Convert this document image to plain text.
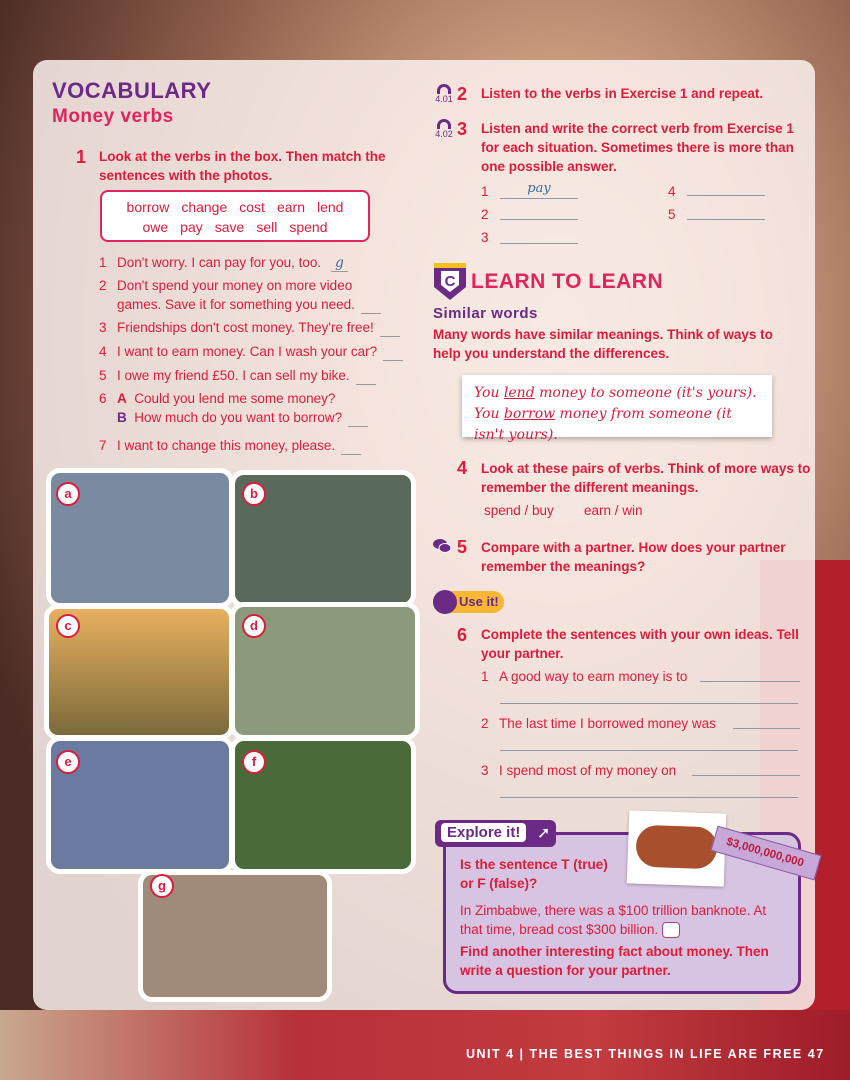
VOCABULARY
Money verbs
1 Look at the verbs in the box. Then match the sentences with the photos.
borrow change cost earn lend
owe pay save sell spend
1 Don't worry. I can pay for you, too. g
2 Don't spend your money on more video
games. Save it for something you need.
3 Friendships don't cost money. They're free!
4 I want to earn money. Can I wash your car?
5 I owe my friend £50. I can sell my bike.
6 A Could you lend me some money?
B How much do you want to borrow?
7 I want to change this money, please.
a	b
c	d
e	f
g
4.01 2 Listen to the verbs in Exercise 1 and repeat.
4.02 3 Listen and write the correct verb from Exercise 1 for each situation. Sometimes there is more than one possible answer.
1	pay
2
3
4
5
C LEARN TO LEARN
Similar words
Many words have similar meanings. Think of ways to help you understand the differences.
You lend money to someone (it's yours).
You borrow money from someone (it isn't yours).
4 Look at these pairs of verbs. Think of more ways to remember the different meanings.
spend / buy earn / win
5 Compare with a partner. How does your partner remember the meanings?
Use it!
6 Complete the sentences with your own ideas. Tell your partner.
1 A good way to earn money is to
2 The last time I borrowed money was
3 I spend most of my money on
Is the sentence T (true)
or F (false)?
In Zimbabwe, there was a $100 trillion banknote. At that time, bread cost $300 billion.
Find another interesting fact about money. Then write a question for your partner.
Explore it! ➚
$3,000,000,000
UNIT 4 | THE BEST THINGS IN LIFE ARE FREE 47
